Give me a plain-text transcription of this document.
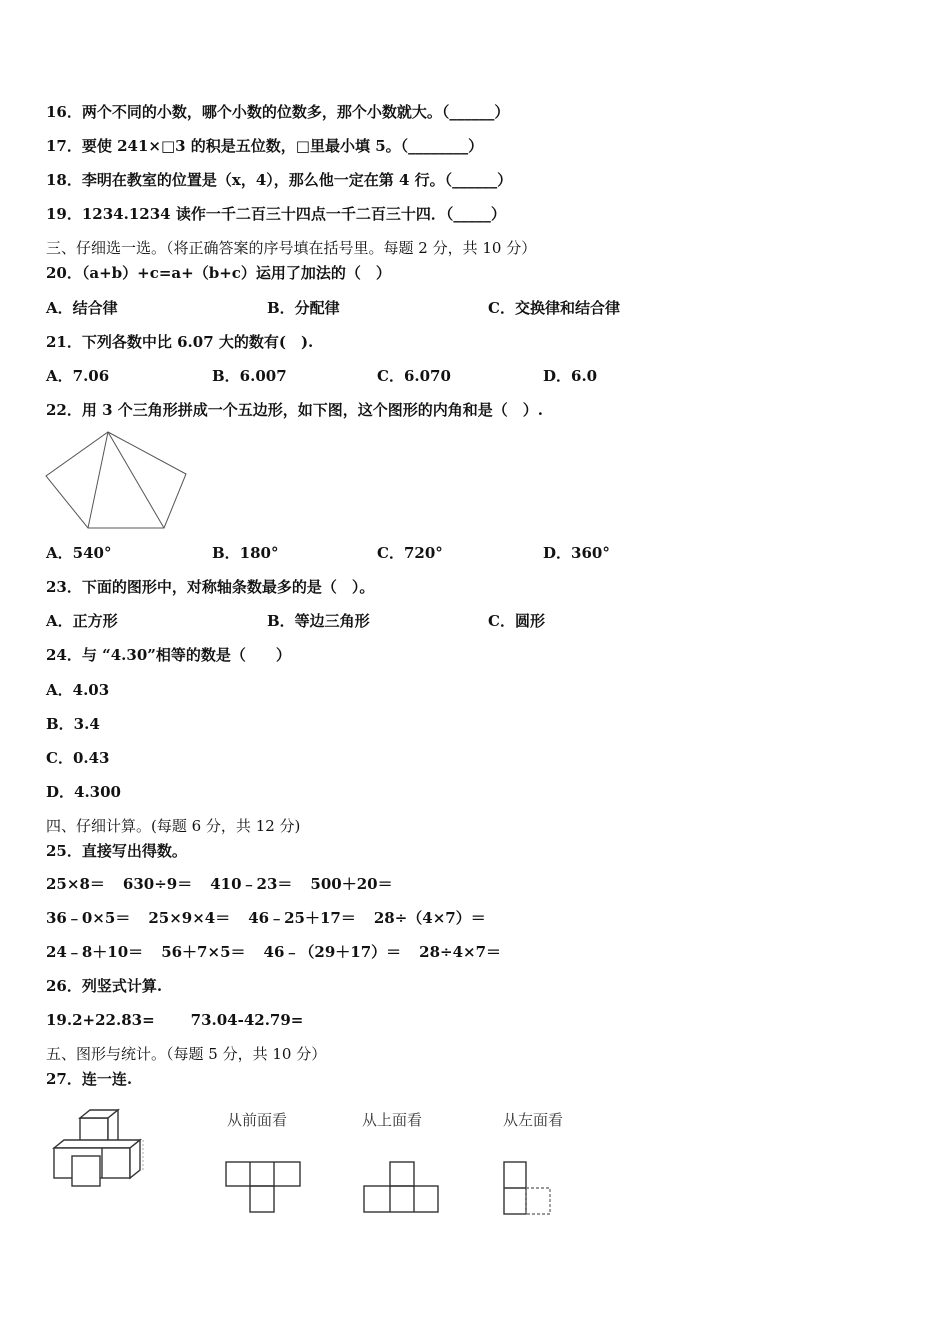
16．两个不同的小数，哪个小数的位数多，那个小数就大。（______）
17．要使 241×□3 的积是五位数，□里最小填 5。（________）
18．李明在教室的位置是（x，4），那么他一定在第 4 行。（______）
19．1234.1234 读作一千二百三十四点一千二百三十四．（_____）
三、仔细选一选。（将正确答案的序号填在括号里。每题 2 分，共 10 分）
20．（a+b）+c=a+（b+c）运用了加法的（　）
A．结合律	B．分配律	C．交换律和结合律
21．下列各数中比 6.07 大的数有(　).
A．7.06	B．6.007	C．6.070	D．6.0
22．用 3 个三角形拼成一个五边形，如下图，这个图形的内角和是（　）.
A．540°	B．180°	C．720°	D．360°
23．下面的图形中，对称轴条数最多的是（　）。
A．正方形	B．等边三角形	C．圆形
24．与 “4.30”相等的数是（　　）
A．4.03
B．3.4
C．0.43
D．4.300
四、仔细计算。(每题 6 分，共 12 分)
25．直接写出得数。
25×8＝ 630÷9＝ 410﹣23＝ 500＋20＝
36﹣0×5＝ 25×9×4＝ 46﹣25＋17＝ 28÷（4×7）＝
24﹣8＋10＝ 56＋7×5＝ 46﹣（29＋17）＝ 28÷4×7＝
26．列竖式计算.
19.2+22.83= 73.04-42.79=
五、图形与统计。（每题 5 分，共 10 分）
27．连一连.
从前面看	从上面看	从左面看
